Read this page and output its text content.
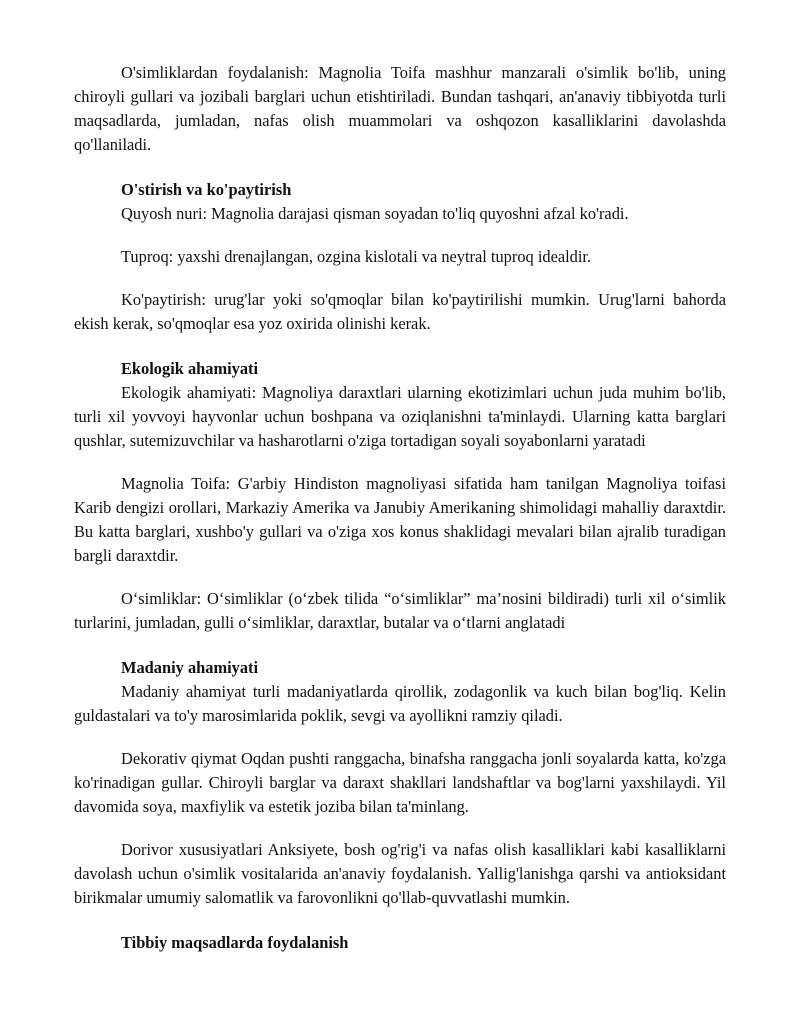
O'simliklardan foydalanish: Magnolia Toifa mashhur manzarali o'simlik bo'lib, uning chiroyli gullari va jozibali barglari uchun etishtiriladi. Bundan tashqari, an'anaviy tibbiyotda turli maqsadlarda, jumladan, nafas olish muammolari va oshqozon kasalliklarini davolashda qo'llaniladi.

O'stirish va ko'paytirish

Quyosh nuri: Magnolia darajasi qisman soyadan to'liq quyoshni afzal ko'radi.

Tuproq: yaxshi drenajlangan, ozgina kislotali va neytral tuproq idealdir.

Ko'paytirish: urug'lar yoki so'qmoqlar bilan ko'paytirilishi mumkin. Urug'larni bahorda ekish kerak, so'qmoqlar esa yoz oxirida olinishi kerak.

Ekologik ahamiyati

Ekologik ahamiyati: Magnoliya daraxtlari ularning ekotizimlari uchun juda muhim bo'lib, turli xil yovvoyi hayvonlar uchun boshpana va oziqlanishni ta'minlaydi. Ularning katta barglari qushlar, sutemizuvchilar va hasharotlarni o'ziga tortadigan soyali soyabonlarni yaratadi

Magnolia Toifa: G'arbiy Hindiston magnoliyasi sifatida ham tanilgan Magnoliya toifasi Karib dengizi orollari, Markaziy Amerika va Janubiy Amerikaning shimolidagi mahalliy daraxtdir. Bu katta barglari, xushbo'y gullari va o'ziga xos konus shaklidagi mevalari bilan ajralib turadigan bargli daraxtdir.

O‘simliklar: O‘simliklar (o‘zbek tilida “o‘simliklar” ma’nosini bildiradi) turli xil o‘simlik turlarini, jumladan, gulli o‘simliklar, daraxtlar, butalar va o‘tlarni anglatadi

Madaniy ahamiyati

Madaniy ahamiyat turli madaniyatlarda qirollik, zodagonlik va kuch bilan bog'liq. Kelin guldastalari va to'y marosimlarida poklik, sevgi va ayollikni ramziy qiladi.

Dekorativ qiymat Oqdan pushti ranggacha, binafsha ranggacha jonli soyalarda katta, ko'zga ko'rinadigan gullar. Chiroyli barglar va daraxt shakllari landshaftlar va bog'larni yaxshilaydi. Yil davomida soya, maxfiylik va estetik joziba bilan ta'minlang.

Dorivor xususiyatlari Anksiyete, bosh og'rig'i va nafas olish kasalliklari kabi kasalliklarni davolash uchun o'simlik vositalarida an'anaviy foydalanish. Yallig'lanishga qarshi va antioksidant birikmalar umumiy salomatlik va farovonlikni qo'llab-quvvatlashi mumkin.

Tibbiy maqsadlarda foydalanish
